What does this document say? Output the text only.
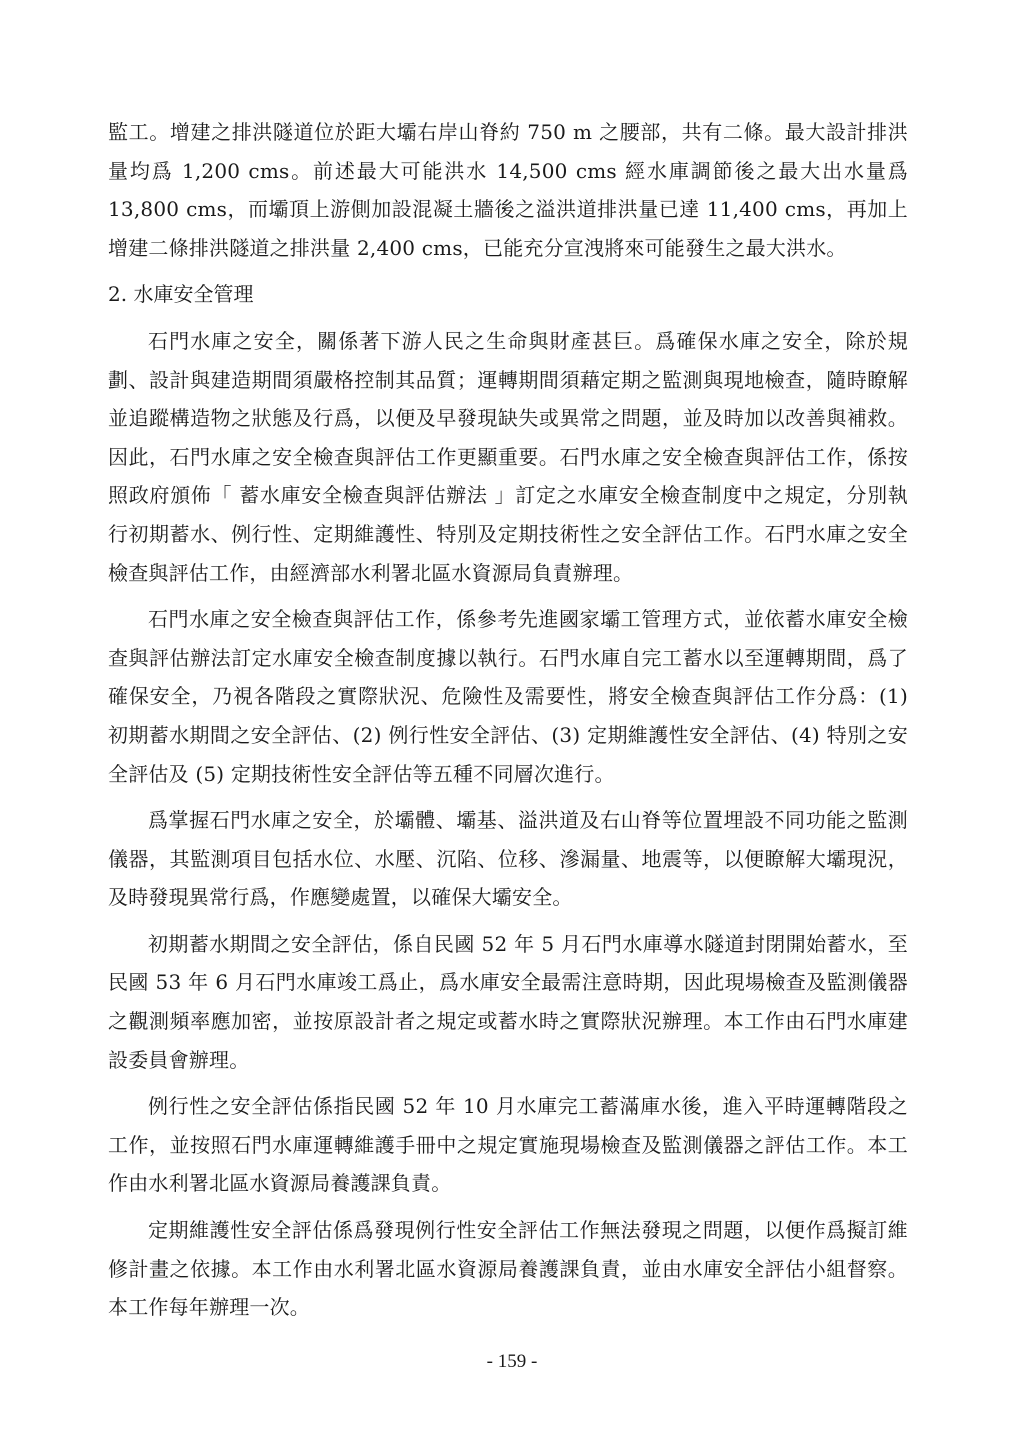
監工。增建之排洪隧道位於距大壩右岸山脊約 750 m 之腰部，共有二條。最大設計排洪量均爲 1,200 cms。前述最大可能洪水 14,500 cms 經水庫調節後之最大出水量爲 13,800 cms，而壩頂上游側加設混凝土牆後之溢洪道排洪量已達 11,400 cms，再加上增建二條排洪隧道之排洪量 2,400 cms，已能充分宣洩將來可能發生之最大洪水。

2. 水庫安全管理

石門水庫之安全，關係著下游人民之生命與財產甚巨。爲確保水庫之安全，除於規劃、設計與建造期間須嚴格控制其品質；運轉期間須藉定期之監測與現地檢查，隨時瞭解並追蹤構造物之狀態及行爲，以便及早發現缺失或異常之問題，並及時加以改善與補救。因此，石門水庫之安全檢查與評估工作更顯重要。石門水庫之安全檢查與評估工作，係按照政府頒佈「 蓄水庫安全檢查與評估辦法 」訂定之水庫安全檢查制度中之規定，分別執行初期蓄水、例行性、定期維護性、特別及定期技術性之安全評估工作。石門水庫之安全檢查與評估工作，由經濟部水利署北區水資源局負責辦理。

石門水庫之安全檢查與評估工作，係參考先進國家壩工管理方式，並依蓄水庫安全檢查與評估辦法訂定水庫安全檢查制度據以執行。石門水庫自完工蓄水以至運轉期間，爲了確保安全，乃視各階段之實際狀況、危險性及需要性，將安全檢查與評估工作分爲：(1) 初期蓄水期間之安全評估、(2) 例行性安全評估、(3) 定期維護性安全評估、(4) 特別之安全評估及 (5) 定期技術性安全評估等五種不同層次進行。

爲掌握石門水庫之安全，於壩體、壩基、溢洪道及右山脊等位置埋設不同功能之監測儀器，其監測項目包括水位、水壓、沉陷、位移、滲漏量、地震等，以便瞭解大壩現況，及時發現異常行爲，作應變處置，以確保大壩安全。

初期蓄水期間之安全評估，係自民國 52 年 5 月石門水庫導水隧道封閉開始蓄水，至民國 53 年 6 月石門水庫竣工爲止，爲水庫安全最需注意時期，因此現場檢查及監測儀器之觀測頻率應加密，並按原設計者之規定或蓄水時之實際狀況辦理。本工作由石門水庫建設委員會辦理。

例行性之安全評估係指民國 52 年 10 月水庫完工蓄滿庫水後，進入平時運轉階段之工作，並按照石門水庫運轉維護手冊中之規定實施現場檢查及監測儀器之評估工作。本工作由水利署北區水資源局養護課負責。

定期維護性安全評估係爲發現例行性安全評估工作無法發現之問題，以便作爲擬訂維修計畫之依據。本工作由水利署北區水資源局養護課負責，並由水庫安全評估小組督察。本工作每年辦理一次。

- 159 -
